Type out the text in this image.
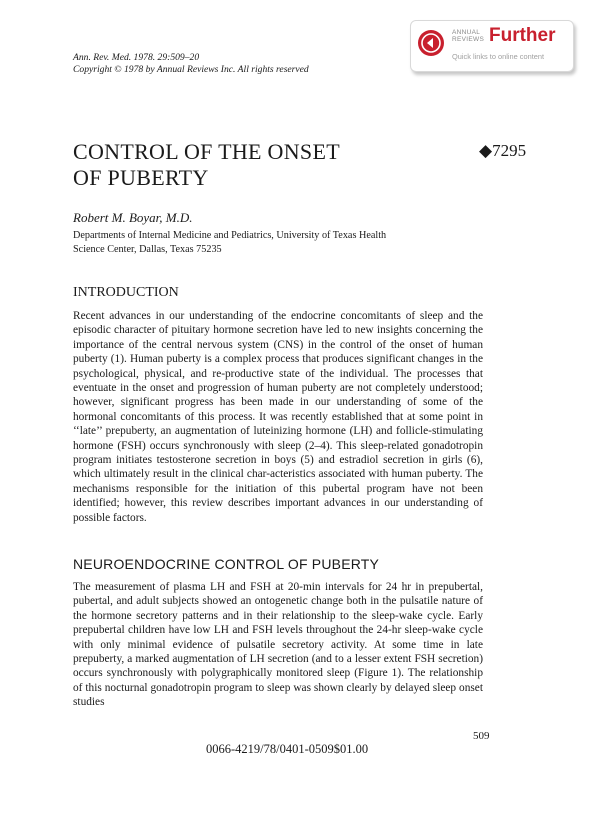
Ann. Rev. Med. 1978. 29:509–20
Copyright © 1978 by Annual Reviews Inc. All rights reserved
ANNUAL
REVIEWS Further
Quick links to online content
CONTROL OF THE ONSET
OF PUBERTY
◆7295
Robert M. Boyar, M.D.
Departments of Internal Medicine and Pediatrics, University of Texas Health
Science Center, Dallas, Texas 75235
INTRODUCTION

Recent advances in our understanding of the endocrine concomitants of sleep and the episodic character of pituitary hormone secretion have led to new insights concerning the importance of the central nervous system (CNS) in the control of the onset of human puberty (1). Human puberty is a complex process that produces significant changes in the psychological, physical, and re-productive state of the individual. The processes that eventuate in the onset and progression of human puberty are not completely understood; however, significant progress has been made in our understanding of some of the hormonal concomitants of this process. It was recently established that at some point in ‘‘late’’ prepuberty, an augmentation of luteinizing hormone (LH) and follicle-stimulating hormone (FSH) occurs synchronously with sleep (2–4). This sleep-related gonadotropin program initiates testosterone secretion in boys (5) and estradiol secretion in girls (6), which ultimately result in the clinical char-acteristics associated with human puberty. The mechanisms responsible for the initiation of this pubertal program have not been identified; however, this review describes important advances in our understanding of possible factors.

NEUROENDOCRINE CONTROL OF PUBERTY

The measurement of plasma LH and FSH at 20-min intervals for 24 hr in prepubertal, pubertal, and adult subjects showed an ontogenetic change both in the pulsatile nature of the hormone secretory patterns and in their relationship to the sleep-wake cycle. Early prepubertal children have low LH and FSH levels throughout the 24-hr sleep-wake cycle with only minimal evidence of pulsatile secretory activity. At some time in late prepuberty, a marked augmentation of LH secretion (and to a lesser extent FSH secretion) occurs synchronously with polygraphically monitored sleep (Figure 1). The relationship of this nocturnal gonadotropin program to sleep was shown clearly by delayed sleep onset studies

509
0066-4219/78/0401-0509$01.00
